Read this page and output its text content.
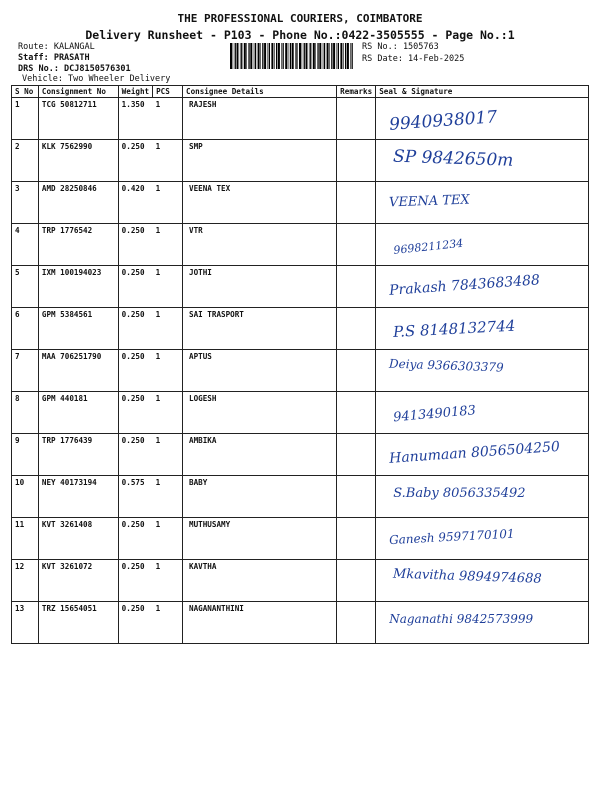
THE PROFESSIONAL COURIERS, COIMBATORE
Delivery Runsheet - P103 - Phone No.:0422-3505555 - Page No.:1
Route: KALANGAL
Staff: PRASATH
DRS No.: DCJ8150576301
Vehicle: Two Wheeler Delivery
RS No.: 1505763
RS Date: 14-Feb-2025
S No	Consignment No	Weight	PCS	Consignee Details	Remarks	Seal & Signature
1	TCG 50812711	1.350	1	RAJESH		9940938017

2	KLK 7562990	0.250	1	SMP		SP 9842650m

3	AMD 28250846	0.420	1	VEENA TEX		VEENA TEX

4	TRP 1776542	0.250	1	VTR		9698211234

5	IXM 100194023	0.250	1	JOTHI		Prakash 7843683488

6	GPM 5384561	0.250	1	SAI TRASPORT		P.S 8148132744

7	MAA 706251790	0.250	1	APTUS		Deiya 9366303379

8	GPM 440181	0.250	1	LOGESH		9413490183

9	TRP 1776439	0.250	1	AMBIKA		Hanumaan 8056504250

10	NEY 40173194	0.575	1	BABY		S.Baby 8056335492

11	KVT 3261408	0.250	1	MUTHUSAMY		Ganesh 9597170101

12	KVT 3261072	0.250	1	KAVTHA		Mkavitha 9894974688

13	TRZ 15654051	0.250	1	NAGANANTHINI		Naganathi 9842573999
